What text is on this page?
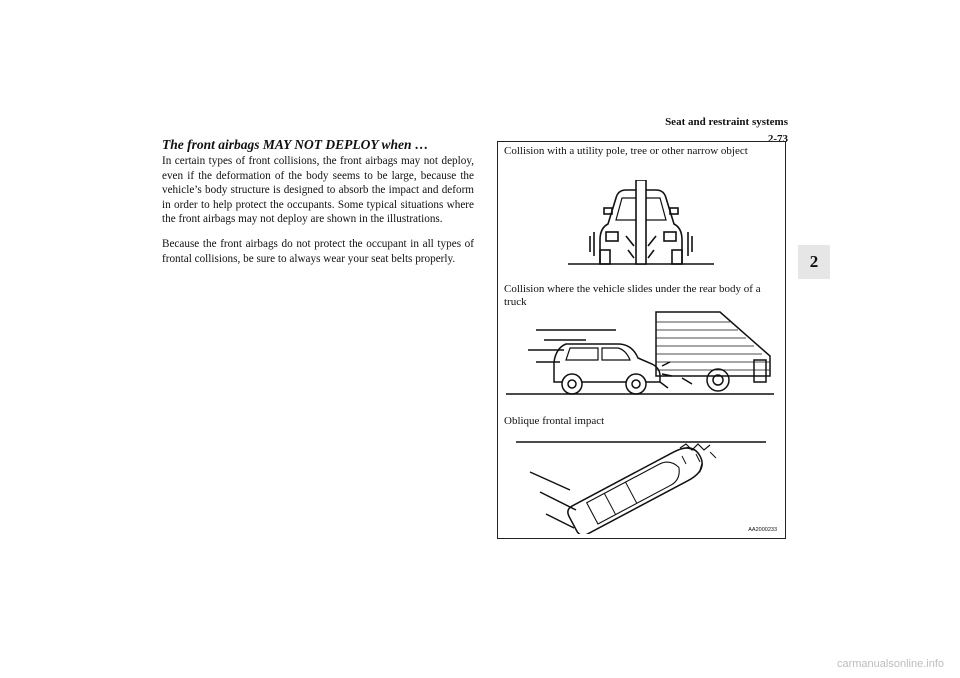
Seat and restraint systems
2-73
2
The front airbags MAY NOT DEPLOY when …

In certain types of front collisions, the front airbags may not deploy, even if the deformation of the body seems to be large, because the vehicle’s body structure is designed to absorb the impact and deform in order to help protect the occupants. Some typical situations where the front airbags may not deploy are shown in the illustrations.

Because the front airbags do not protect the occupant in all types of frontal collisions, be sure to always wear your seat belts properly.

Collision with a utility pole, tree or other narrow object
Collision where the vehicle slides under the rear body of a truck
Oblique frontal impact
AA2000233
carmanualsonline.info
